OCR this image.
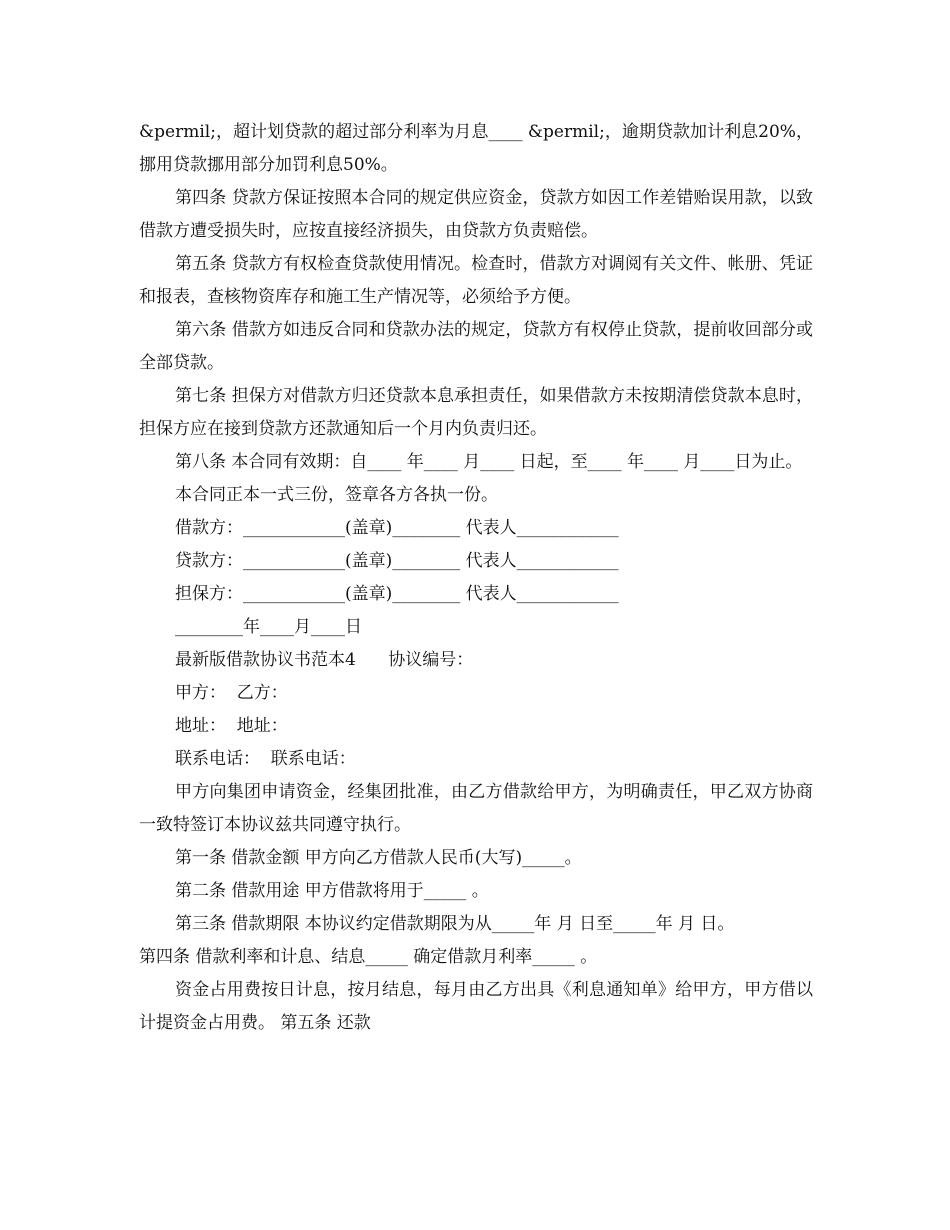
&permil;，超计划贷款的超过部分利率为月息____ &permil;，逾期贷款加计利息20%，挪用贷款挪用部分加罚利息50%。

第四条 贷款方保证按照本合同的规定供应资金，贷款方如因工作差错贻误用款，以致借款方遭受损失时，应按直接经济损失，由贷款方负责赔偿。

第五条 贷款方有权检查贷款使用情况。检查时，借款方对调阅有关文件、帐册、凭证和报表，查核物资库存和施工生产情况等，必须给予方便。

第六条 借款方如违反合同和贷款办法的规定，贷款方有权停止贷款，提前收回部分或全部贷款。

第七条 担保方对借款方归还贷款本息承担责任，如果借款方未按期清偿贷款本息时，担保方应在接到贷款方还款通知后一个月内负责归还。

第八条 本合同有效期：自____ 年____ 月____ 日起，至____ 年____ 月____日为止。

本合同正本一式三份，签章各方各执一份。
借款方：____________(盖章)________ 代表人____________
贷款方：____________(盖章)________ 代表人____________
担保方：____________(盖章)________ 代表人____________
________年____月____日
最新版借款协议书范本4      协议编号：
甲方：  乙方：
地址：  地址：
联系电话：  联系电话：

甲方向集团申请资金，经集团批准，由乙方借款给甲方，为明确责任，甲乙双方协商一致特签订本协议兹共同遵守执行。

第一条 借款金额 甲方向乙方借款人民币(大写)_____。
第二条 借款用途 甲方借款将用于_____ 。
第三条 借款期限 本协议约定借款期限为从_____年 月 日至_____年 月 日。
第四条 借款利率和计息、结息_____ 确定借款月利率_____ 。

资金占用费按日计息，按月结息，每月由乙方出具《利息通知单》给甲方，甲方借以计提资金占用费。 第五条 还款
